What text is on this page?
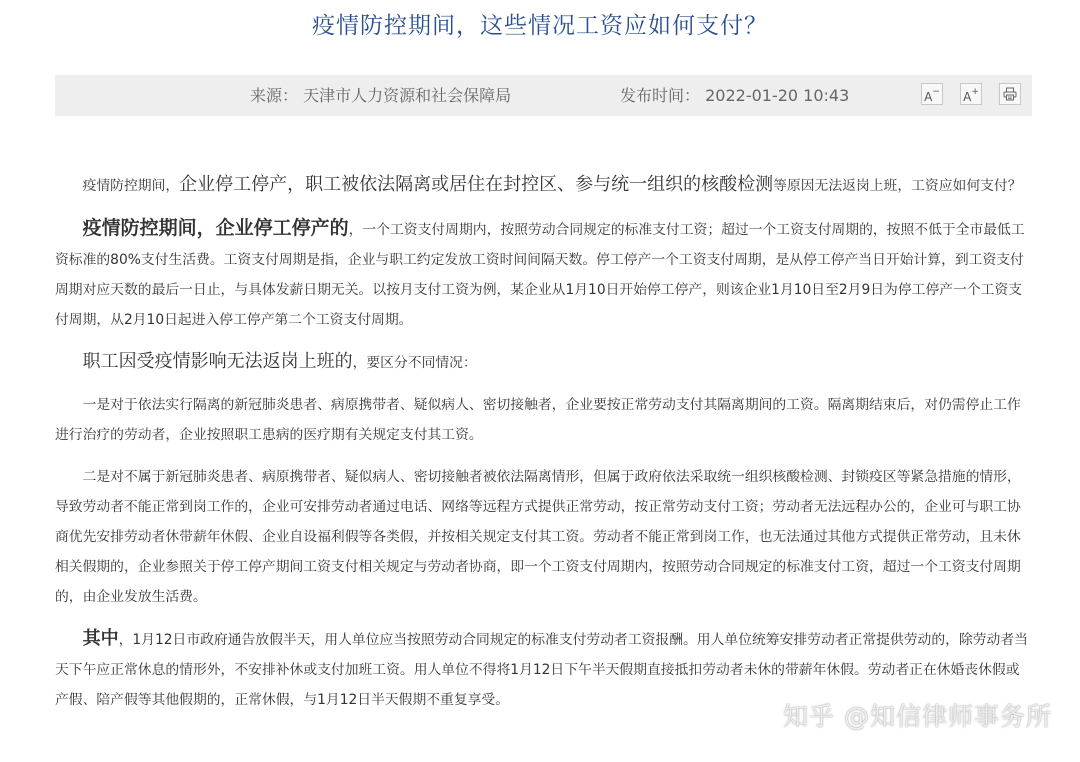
疫情防控期间，这些情况工资应如何支付？
来源： 天津市人力资源和社会保障局	发布时间： 2022-01-20 10:43	A− A+

疫情防控期间，企业停工停产，职工被依法隔离或居住在封控区、参与统一组织的核酸检测等原因无法返岗上班，工资应如何支付？

疫情防控期间，企业停工停产的，一个工资支付周期内，按照劳动合同规定的标准支付工资；超过一个工资支付周期的，按照不低于全市最低工资标准的80%支付生活费。工资支付周期是指，企业与职工约定发放工资时间间隔天数。停工停产一个工资支付周期，是从停工停产当日开始计算，到工资支付周期对应天数的最后一日止，与具体发薪日期无关。以按月支付工资为例，某企业从1月10日开始停工停产，则该企业1月10日至2月9日为停工停产一个工资支付周期，从2月10日起进入停工停产第二个工资支付周期。

职工因受疫情影响无法返岗上班的，要区分不同情况：

一是对于依法实行隔离的新冠肺炎患者、病原携带者、疑似病人、密切接触者，企业要按正常劳动支付其隔离期间的工资。隔离期结束后，对仍需停止工作进行治疗的劳动者，企业按照职工患病的医疗期有关规定支付其工资。

二是对不属于新冠肺炎患者、病原携带者、疑似病人、密切接触者被依法隔离情形，但属于政府依法采取统一组织核酸检测、封锁疫区等紧急措施的情形，导致劳动者不能正常到岗工作的，企业可安排劳动者通过电话、网络等远程方式提供正常劳动，按正常劳动支付工资；劳动者无法远程办公的，企业可与职工协商优先安排劳动者休带薪年休假、企业自设福利假等各类假，并按相关规定支付其工资。劳动者不能正常到岗工作，也无法通过其他方式提供正常劳动，且未休相关假期的，企业参照关于停工停产期间工资支付相关规定与劳动者协商，即一个工资支付周期内，按照劳动合同规定的标准支付工资，超过一个工资支付周期的，由企业发放生活费。

其中，1月12日市政府通告放假半天，用人单位应当按照劳动合同规定的标准支付劳动者工资报酬。用人单位统筹安排劳动者正常提供劳动的，除劳动者当天下午应正常休息的情形外，不安排补休或支付加班工资。用人单位不得将1月12日下午半天假期直接抵扣劳动者未休的带薪年休假。劳动者正在休婚丧休假或产假、陪产假等其他假期的，正常休假，与1月12日半天假期不重复享受。

知乎 @知信律师事务所
